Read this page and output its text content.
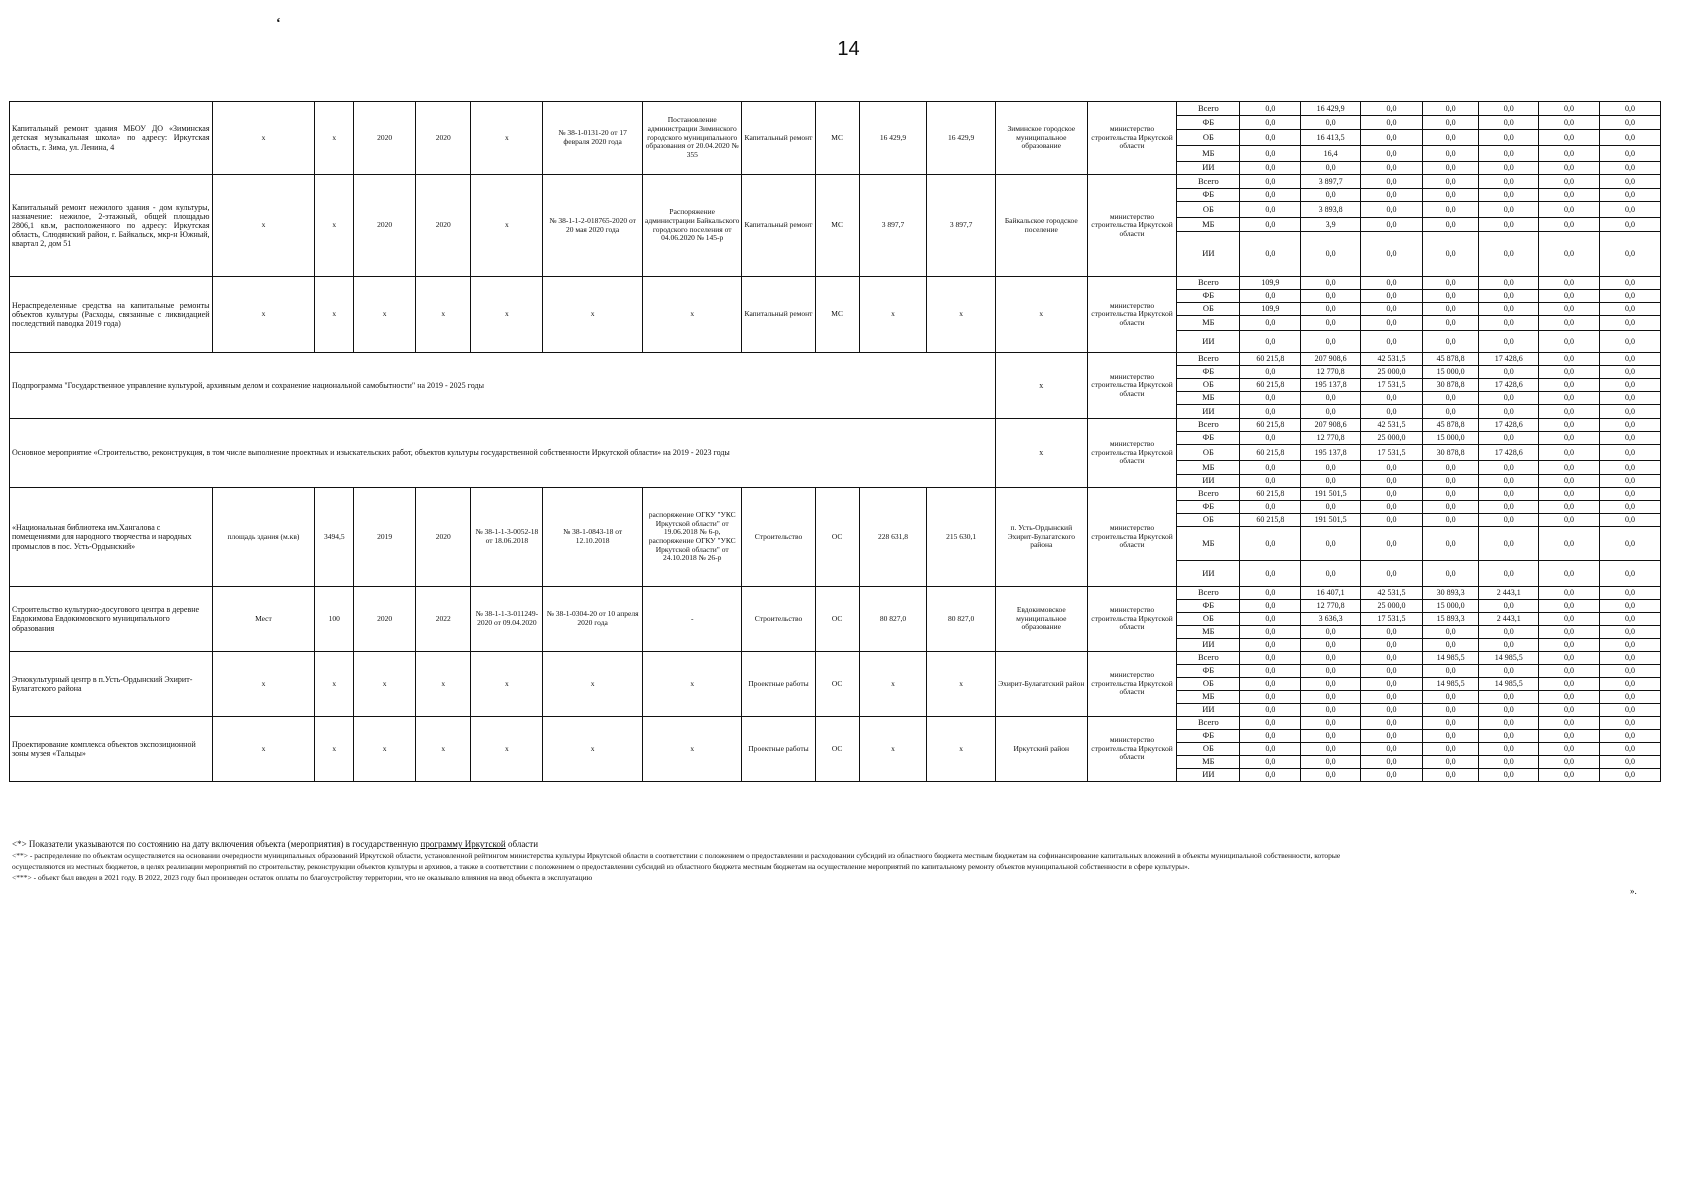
‘
14
Капитальный ремонт здания МБОУ ДО «Зиминская детская музыкальная школа» по адресу: Иркутская область, г. Зима, ул. Ленина, 4	x	x	2020	2020	x	№ 38-1-0131-20 от 17 февраля 2020 года	Постановление администрации Зиминского городского муниципального образования от 20.04.2020 № 355	Капитальный ремонт	МС	16 429,9	16 429,9	Зиминское городское муниципальное образование	министерство строительства Иркутской области	Всего	0,0	16 429,9	0,0	0,0	0,0	0,0	0,0
														ФБ	0,0	0,0	0,0	0,0	0,0	0,0	0,0
														ОБ	0,0	16 413,5	0,0	0,0	0,0	0,0	0,0
														МБ	0,0	16,4	0,0	0,0	0,0	0,0	0,0
														ИИ	0,0	0,0	0,0	0,0	0,0	0,0	0,0
Капитальный ремонт нежилого здания - дом культуры, назначение: нежилое, 2-этажный, общей площадью 2806,1 кв.м, расположенного по адресу: Иркутская область, Слюдянский район, г. Байкальск, мкр-н Южный, квартал 2, дом 51	x	x	2020	2020	x	№ 38-1-1-2-018765-2020 от 20 мая 2020 года	Распоряжение администрации Байкальского городского поселения от 04.06.2020 № 145-р	Капитальный ремонт	МС	3 897,7	3 897,7	Байкальское городское поселение	министерство строительства Иркутской области	Всего	0,0	3 897,7	0,0	0,0	0,0	0,0	0,0
														ФБ	0,0	0,0	0,0	0,0	0,0	0,0	0,0
														ОБ	0,0	3 893,8	0,0	0,0	0,0	0,0	0,0
														МБ	0,0	3,9	0,0	0,0	0,0	0,0	0,0
														ИИ	0,0	0,0	0,0	0,0	0,0	0,0	0,0
Нераспределенные средства на капитальные ремонты объектов культуры (Расходы, связанные с ликвидацией последствий паводка 2019 года)	x	x	x	x	x	x	x	Капитальный ремонт	МС	x	x	x	министерство строительства Иркутской области	Всего	109,9	0,0	0,0	0,0	0,0	0,0	0,0
														ФБ	0,0	0,0	0,0	0,0	0,0	0,0	0,0
														ОБ	109,9	0,0	0,0	0,0	0,0	0,0	0,0
														МБ	0,0	0,0	0,0	0,0	0,0	0,0	0,0
														ИИ	0,0	0,0	0,0	0,0	0,0	0,0	0,0
Подпрограмма "Государственное управление культурой, архивным делом и сохранение национальной самобытности" на 2019 - 2025 годы												x	министерство строительства Иркутской области	Всего	60 215,8	207 908,6	42 531,5	45 878,8	17 428,6	0,0	0,0
														ФБ	0,0	12 770,8	25 000,0	15 000,0	0,0	0,0	0,0
														ОБ	60 215,8	195 137,8	17 531,5	30 878,8	17 428,6	0,0	0,0
														МБ	0,0	0,0	0,0	0,0	0,0	0,0	0,0
														ИИ	0,0	0,0	0,0	0,0	0,0	0,0	0,0
Основное мероприятие «Строительство, реконструкция, в том числе выполнение проектных и изыскательских работ, объектов культуры государственной собственности Иркутской области» на 2019 - 2023 годы												x	министерство строительства Иркутской области	Всего	60 215,8	207 908,6	42 531,5	45 878,8	17 428,6	0,0	0,0
														ФБ	0,0	12 770,8	25 000,0	15 000,0	0,0	0,0	0,0
														ОБ	60 215,8	195 137,8	17 531,5	30 878,8	17 428,6	0,0	0,0
														МБ	0,0	0,0	0,0	0,0	0,0	0,0	0,0
														ИИ	0,0	0,0	0,0	0,0	0,0	0,0	0,0
«Национальная библиотека им.Хангалова с помещениями для народного творчества и народных промыслов в пос. Усть-Ордынский»	площадь здания (м.кв)	3494,5	2019	2020	№ 38-1-1-3-0052-18 от 18.06.2018	№ 38-1-0843-18 от 12.10.2018	распоряжение ОГКУ "УКС Иркутской области" от 19.06.2018 № 6-р, распоряжение ОГКУ "УКС Иркутской области" от 24.10.2018 № 26-р	Строительство	ОС	228 631,8	215 630,1	п. Усть-Ордынский Эхирит-Булагатского района	министерство строительства Иркутской области	Всего	60 215,8	191 501,5	0,0	0,0	0,0	0,0	0,0
														ФБ	0,0	0,0	0,0	0,0	0,0	0,0	0,0
														ОБ	60 215,8	191 501,5	0,0	0,0	0,0	0,0	0,0
														МБ	0,0	0,0	0,0	0,0	0,0	0,0	0,0
														ИИ	0,0	0,0	0,0	0,0	0,0	0,0	0,0
Строительство культурно-досугового центра в деревне Евдокимова Евдокимовского муниципального образования	Мест	100	2020	2022	№ 38-1-1-3-011249-2020 от 09.04.2020	№ 38-1-0304-20 от 10 апреля 2020 года	-	Строительство	ОС	80 827,0	80 827,0	Евдокимовское муниципальное образование	министерство строительства Иркутской области	Всего	0,0	16 407,1	42 531,5	30 893,3	2 443,1	0,0	0,0
														ФБ	0,0	12 770,8	25 000,0	15 000,0	0,0	0,0	0,0
														ОБ	0,0	3 636,3	17 531,5	15 893,3	2 443,1	0,0	0,0
														МБ	0,0	0,0	0,0	0,0	0,0	0,0	0,0
														ИИ	0,0	0,0	0,0	0,0	0,0	0,0	0,0
Этнокультурный центр в п.Усть-Ордынский Эхирит-Булагатского района	x	x	x	x	x	x	x	Проектные работы	ОС	x	x	Эхирит-Булагатский район	министерство строительства Иркутской области	Всего	0,0	0,0	0,0	14 985,5	14 985,5	0,0	0,0
														ФБ	0,0	0,0	0,0	0,0	0,0	0,0	0,0
														ОБ	0,0	0,0	0,0	14 985,5	14 985,5	0,0	0,0
														МБ	0,0	0,0	0,0	0,0	0,0	0,0	0,0
														ИИ	0,0	0,0	0,0	0,0	0,0	0,0	0,0
Проектирование комплекса объектов экспозиционной зоны музея «Тальцы»	x	x	x	x	x	x	x	Проектные работы	ОС	x	x	Иркутский район	министерство строительства Иркутской области	Всего	0,0	0,0	0,0	0,0	0,0	0,0	0,0
														ФБ	0,0	0,0	0,0	0,0	0,0	0,0	0,0
														ОБ	0,0	0,0	0,0	0,0	0,0	0,0	0,0
														МБ	0,0	0,0	0,0	0,0	0,0	0,0	0,0
														ИИ	0,0	0,0	0,0	0,0	0,0	0,0	0,0
<*> Показатели указываются по состоянию на дату включения объекта (мероприятия) в государственную программу Иркутской области
<**> - распределение по объектам осуществляется на основании очередности муниципальных образований Иркутской области, установленной рейтингом министерства культуры Иркутской области в соответствии с положением о предоставлении и расходовании субсидий из областного бюджета местным бюджетам на софинансирование капитальных вложений в объекты муниципальной собственности, которые осуществляются из местных бюджетов, в целях реализации мероприятий по строительству, реконструкции объектов культуры и архивов, а также в соответствии с положением о предоставлении субсидий из областного бюджета местным бюджетам на осуществление мероприятий по капитальному ремонту объектов муниципальной собственности в сфере культуры».
<***> - объект был введен в 2021 году. В 2022, 2023 году был произведен остаток оплаты по благоустройству территории, что не оказывало влияния на ввод объекта в эксплуатацию
».
